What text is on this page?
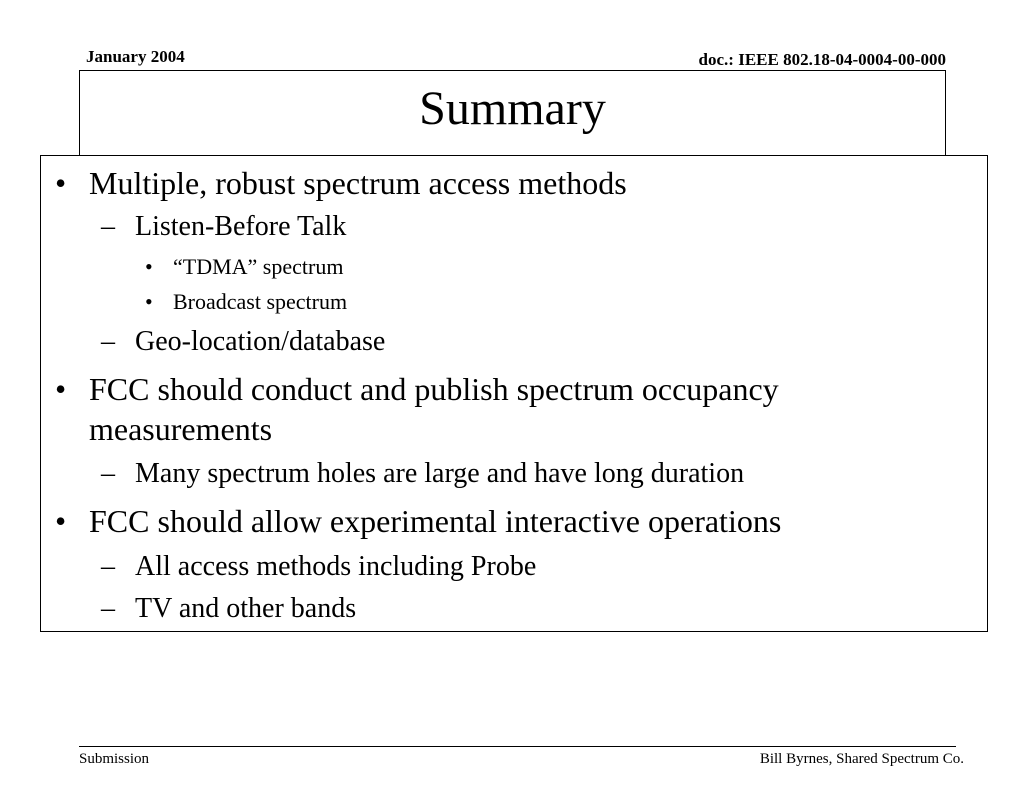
January 2004	doc.: IEEE 802.18-04-0004-00-000
Summary
• Multiple, robust spectrum access methods
– Listen-Before Talk
• “TDMA” spectrum
• Broadcast spectrum
– Geo-location/database
• FCC should conduct and publish spectrum occupancy
measurements
– Many spectrum holes are large and have long duration
• FCC should allow experimental interactive operations
– All access methods including Probe
– TV and other bands
Submission	Bill Byrnes, Shared Spectrum Co.
